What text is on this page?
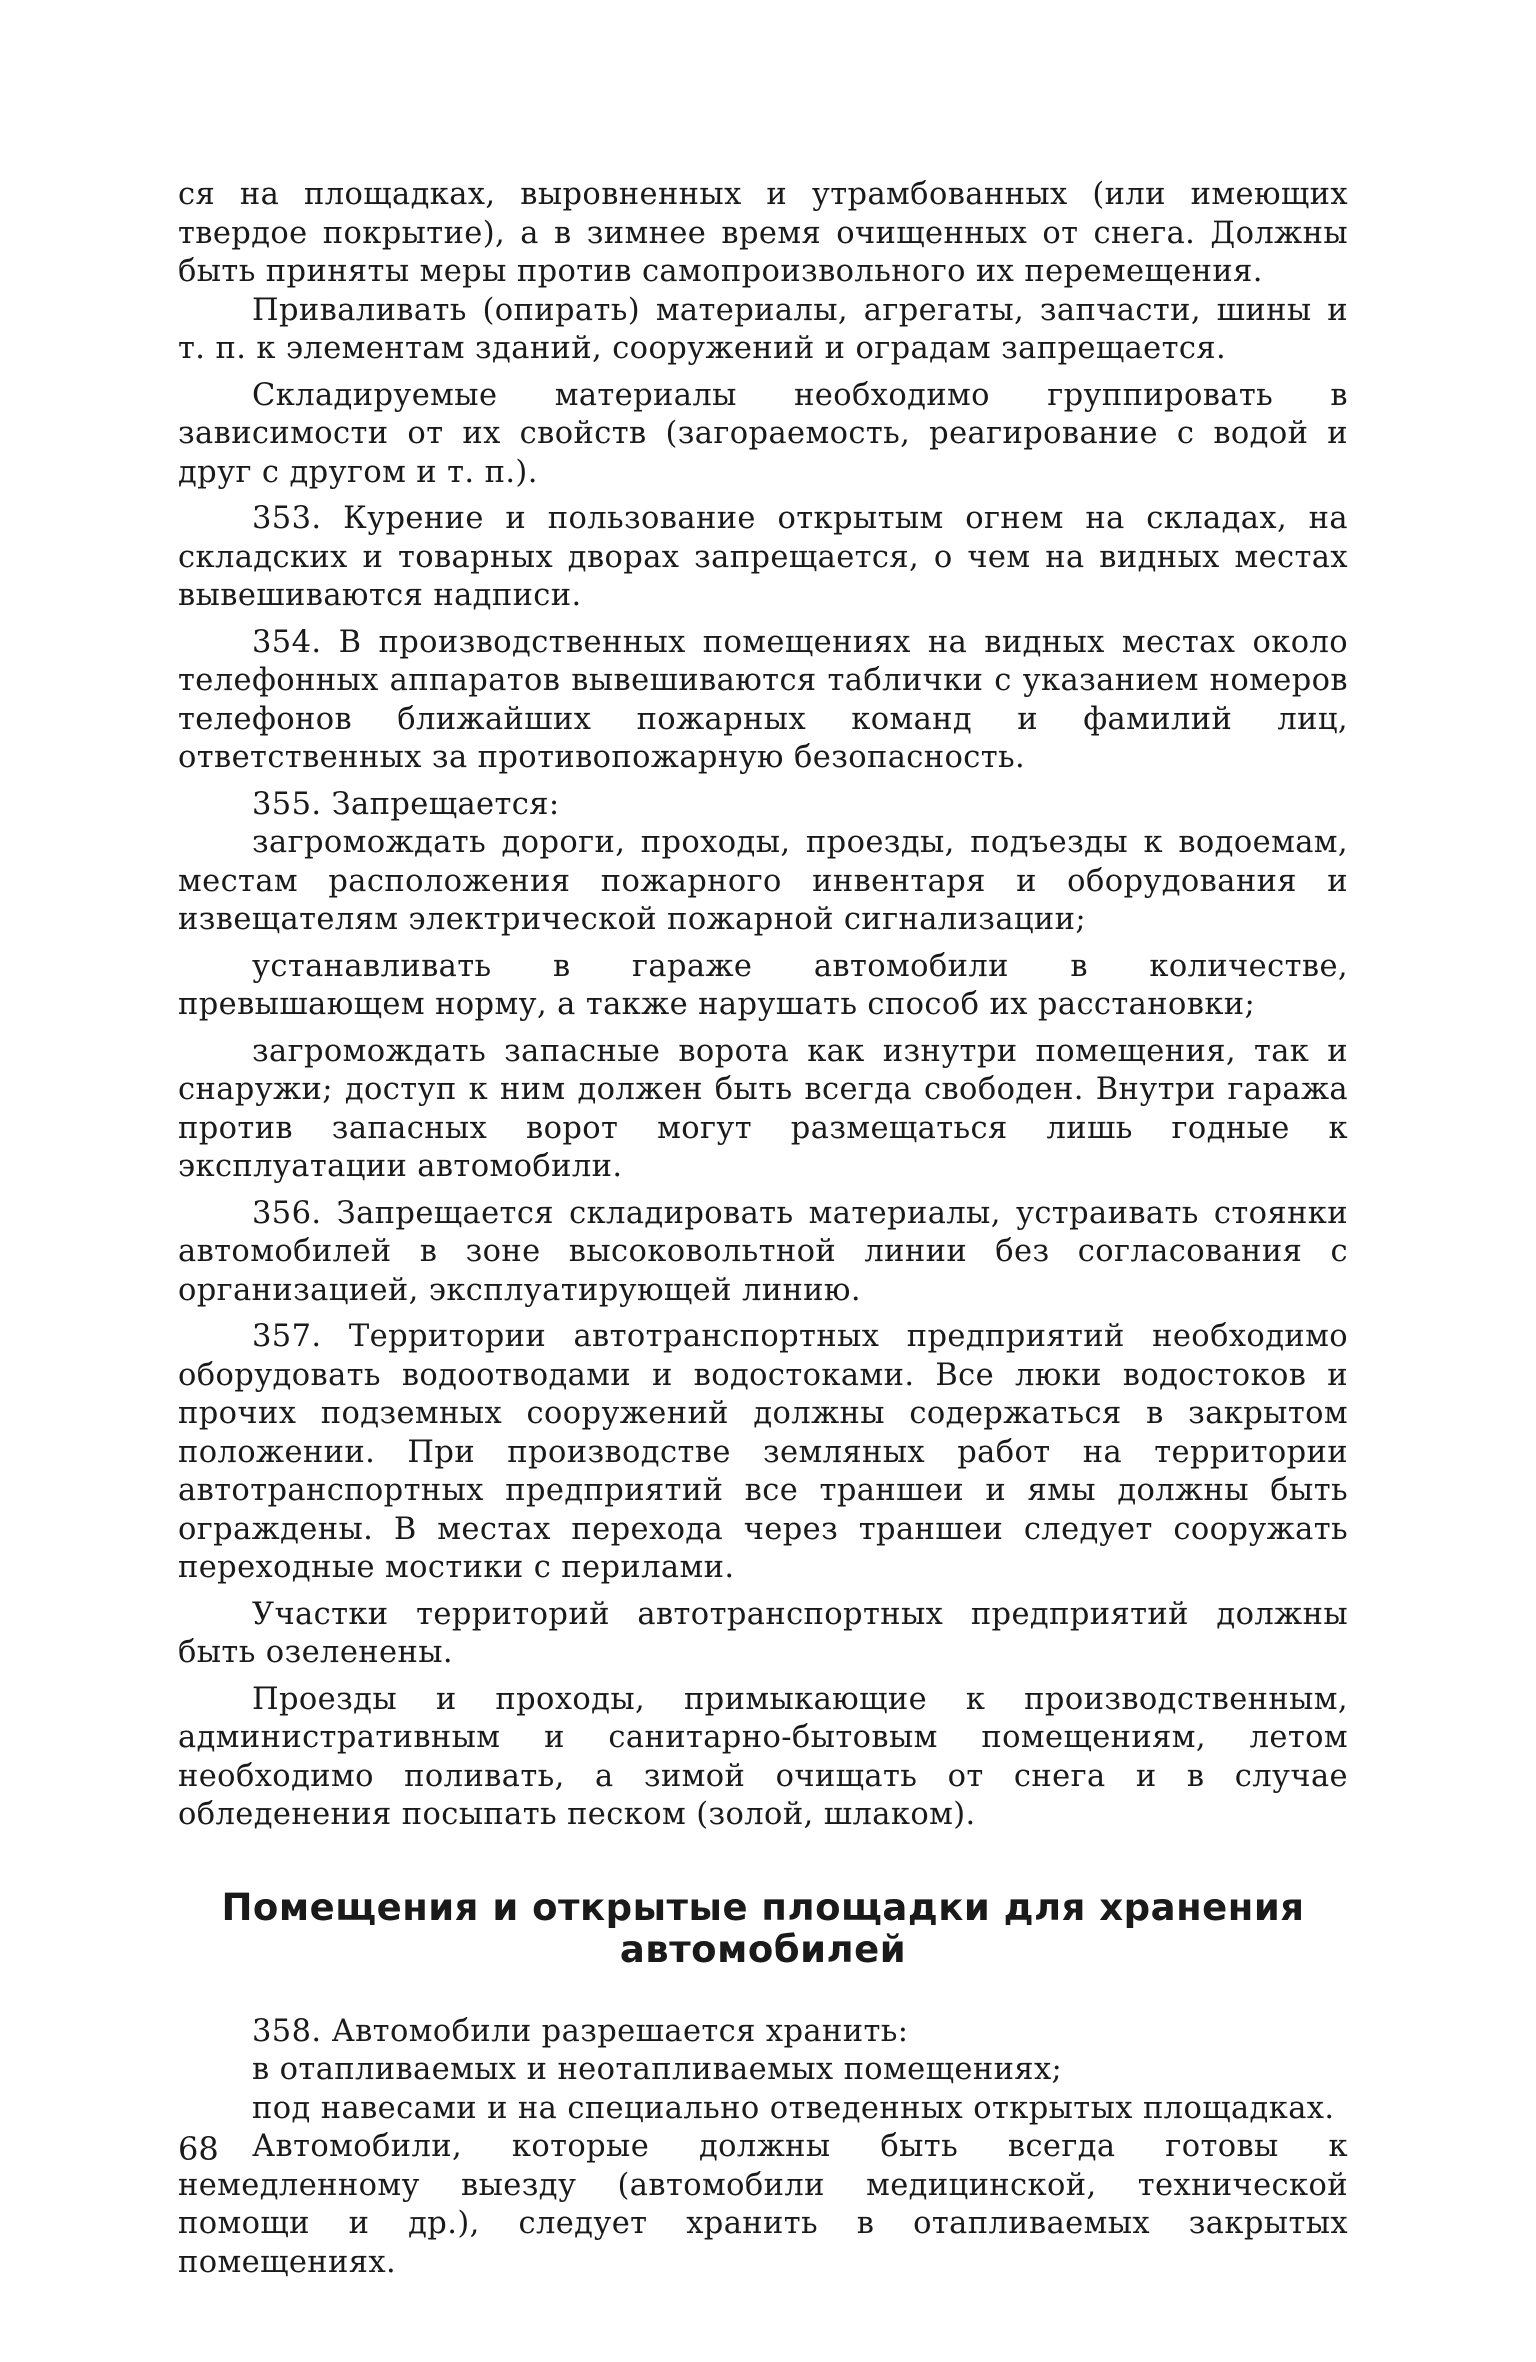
ся на площадках, выровненных и утрамбованных (или имеющих твердое покрытие), а в зимнее время очищенных от снега. Должны быть приняты меры против самопроизвольного их перемещения.

Приваливать (опирать) материалы, агрегаты, запчасти, шины и т. п. к элементам зданий, сооружений и оградам запрещается.

Складируемые материалы необходимо группировать в зависимости от их свойств (загораемость, реагирование с водой и друг с другом и т. п.).

353. Курение и пользование открытым огнем на складах, на складских и товарных дворах запрещается, о чем на видных местах вывешиваются надписи.

354. В производственных помещениях на видных местах около телефонных аппаратов вывешиваются таблички с указанием номеров телефонов ближайших пожарных команд и фамилий лиц, ответственных за противопожарную безопасность.

355. Запрещается:

загромождать дороги, проходы, проезды, подъезды к водоемам, местам расположения пожарного инвентаря и оборудования и извещателям электрической пожарной сигнализации;

устанавливать в гараже автомобили в количестве, превышающем норму, а также нарушать способ их расстановки;

загромождать запасные ворота как изнутри помещения, так и снаружи; доступ к ним должен быть всегда свободен. Внутри гаража против запасных ворот могут размещаться лишь годные к эксплуатации автомобили.

356. Запрещается складировать материалы, устраивать стоянки автомобилей в зоне высоковольтной линии без согласования с организацией, эксплуатирующей линию.

357. Территории автотранспортных предприятий необходимо оборудовать водоотводами и водостоками. Все люки водостоков и прочих подземных сооружений должны содержаться в закрытом положении. При производстве земляных работ на территории автотранспортных предприятий все траншеи и ямы должны быть ограждены. В местах перехода через траншеи следует сооружать переходные мостики с перилами.

Участки территорий автотранспортных предприятий должны быть озеленены.

Проезды и проходы, примыкающие к производственным, административным и санитарно-бытовым помещениям, летом необходимо поливать, а зимой очищать от снега и в случае обледенения посыпать песком (золой, шлаком).

Помещения и открытые площадки для хранения
автомобилей

358. Автомобили разрешается хранить:

в отапливаемых и неотапливаемых помещениях;

под навесами и на специально отведенных открытых площадках.

Автомобили, которые должны быть всегда готовы к немедленному выезду (автомобили медицинской, технической помощи и др.), следует хранить в отапливаемых закрытых помещениях.

68
